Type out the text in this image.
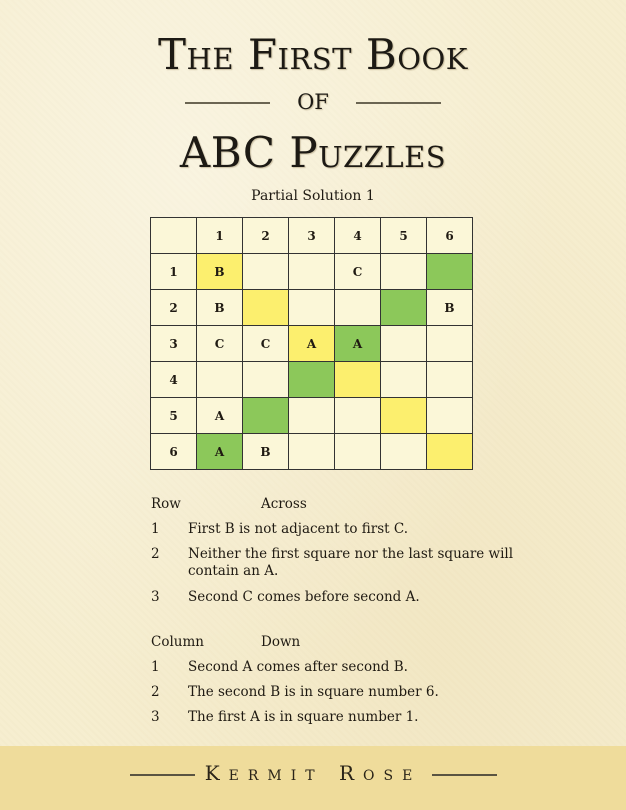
The First Book
of
ABC Puzzles
Partial Solution 1
	1	2	3	4	5	6
1	B			C		
2	B					B
3	C	C	A	A		
4						
5	A					
6	A	B				
Row	Across
1 First B is not adjacent to first C.
2 Neither the first square nor the last square will contain an A.
3 Second C comes before second A.
Column	Down
1 Second A comes after second B.
2 The second B is in square number 6.
3 The first A is in square number 1.
Kermit Rose
